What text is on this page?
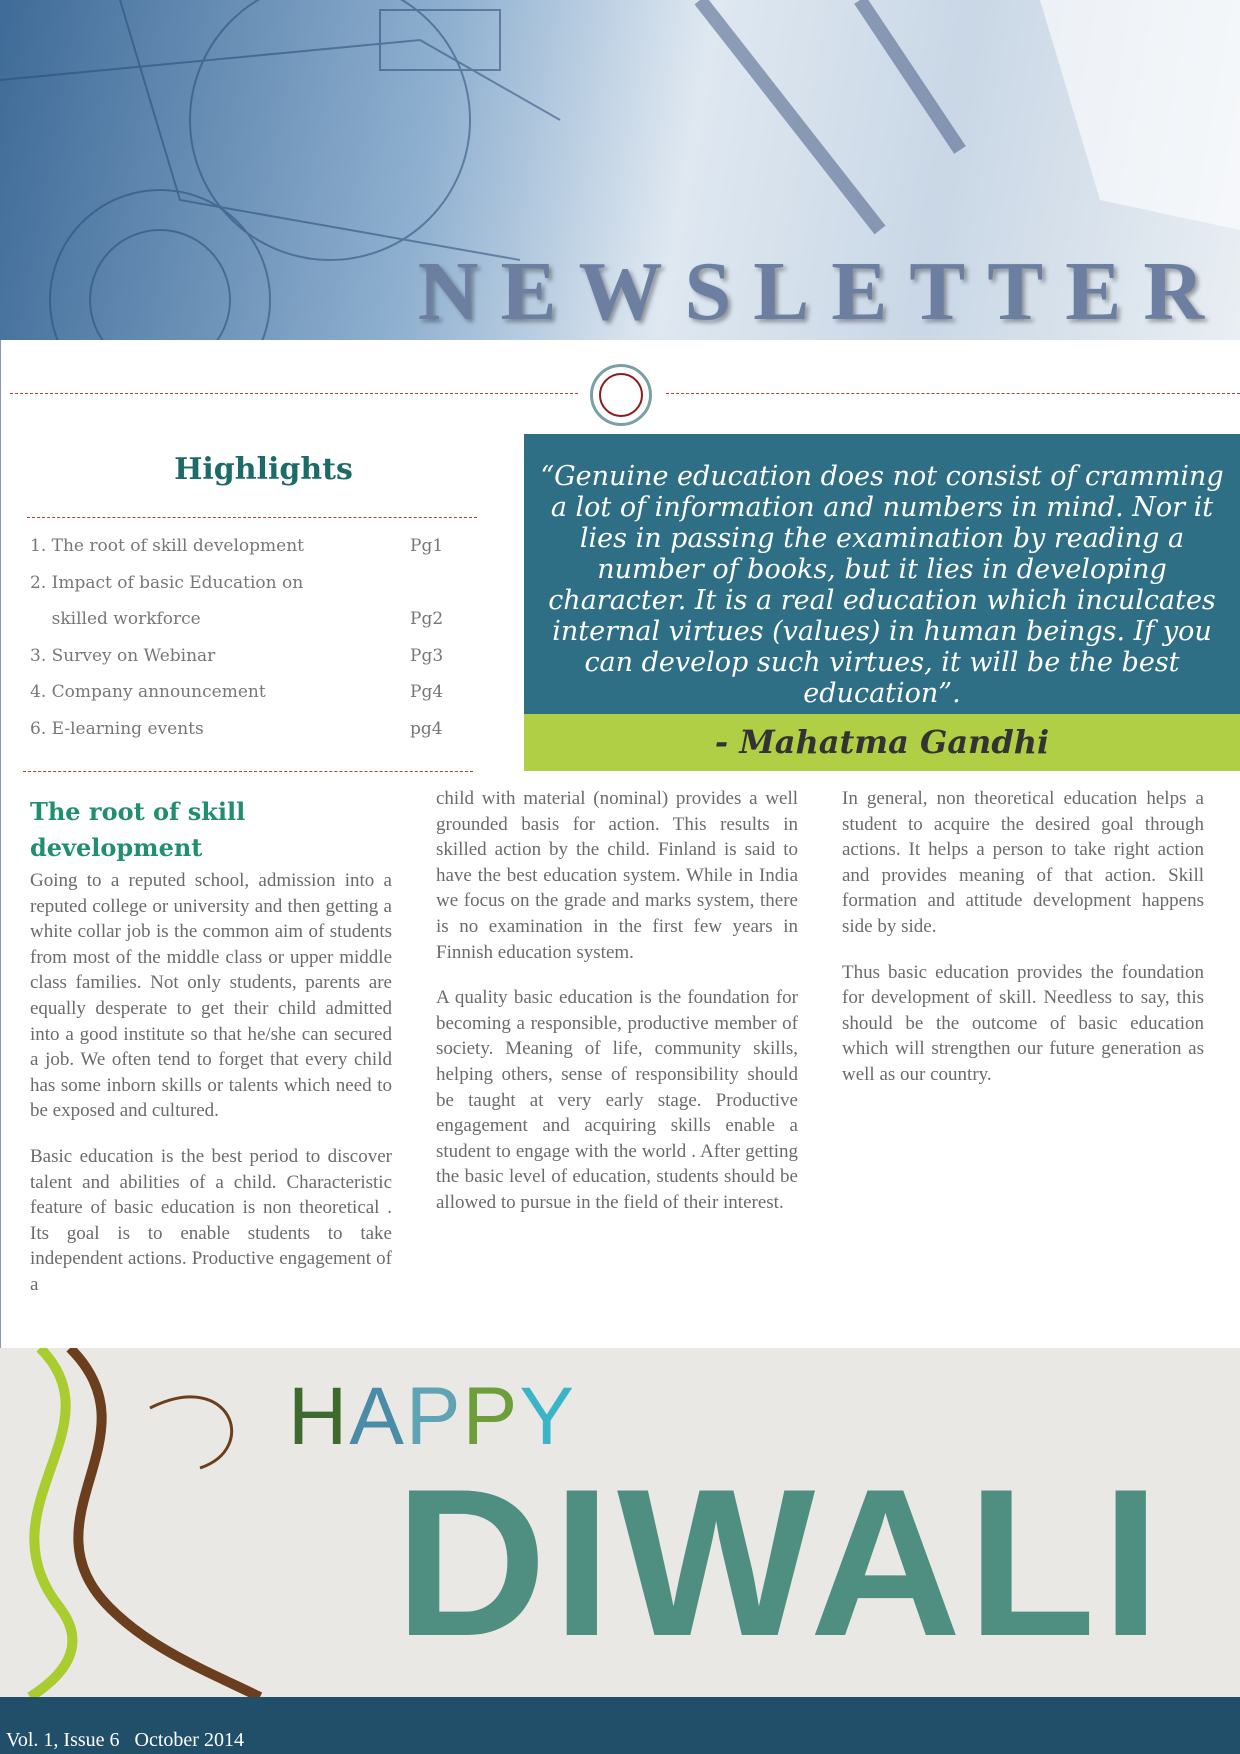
NEWSLETTER
Highlights
1. The root of skill development	Pg1
2. Impact of basic Education on
skilled workforce	Pg2
3. Survey on Webinar	Pg3
4. Company announcement	Pg4
6. E-learning events	pg4
“Genuine education does not consist of cramming a lot of information and numbers in mind. Nor it lies in passing the examination by reading a number of books, but it lies in developing character. It is a real education which inculcates internal virtues (values) in human beings. If you can develop such virtues, it will be the best education”.
- Mahatma Gandhi
The root of skill development

Going to a reputed school, admission into a reputed college or university and then getting a white collar job is the common aim of students from most of the middle class or upper middle class families. Not only students, parents are equally desperate to get their child admitted into a good institute so that he/she can secured a job. We often tend to forget that every child has some inborn skills or talents which need to be exposed and cultured.

Basic education is the best period to discover talent and abilities of a child. Characteristic feature of basic education is non theoretical . Its goal is to enable students to take independent actions. Productive engagement of a

child with material (nominal) provides a well grounded basis for action. This results in skilled action by the child. Finland is said to have the best education system. While in India we focus on the grade and marks system, there is no examination in the first few years in Finnish education system.

A quality basic education is the foundation for becoming a responsible, productive member of society. Meaning of life, community skills, helping others, sense of responsibility should be taught at very early stage. Productive engagement and acquiring skills enable a student to engage with the world . After getting the basic level of education, students should be allowed to pursue in the field of their interest.

In general, non theoretical education helps a student to acquire the desired goal through actions. It helps a person to take right action and provides meaning of that action. Skill formation and attitude development happens side by side.

Thus basic education provides the foundation for development of skill. Needless to say, this should be the outcome of basic education which will strengthen our future generation as well as our country.

HAPPY
DIWALI
Vol. 1, Issue 6 October 2014
